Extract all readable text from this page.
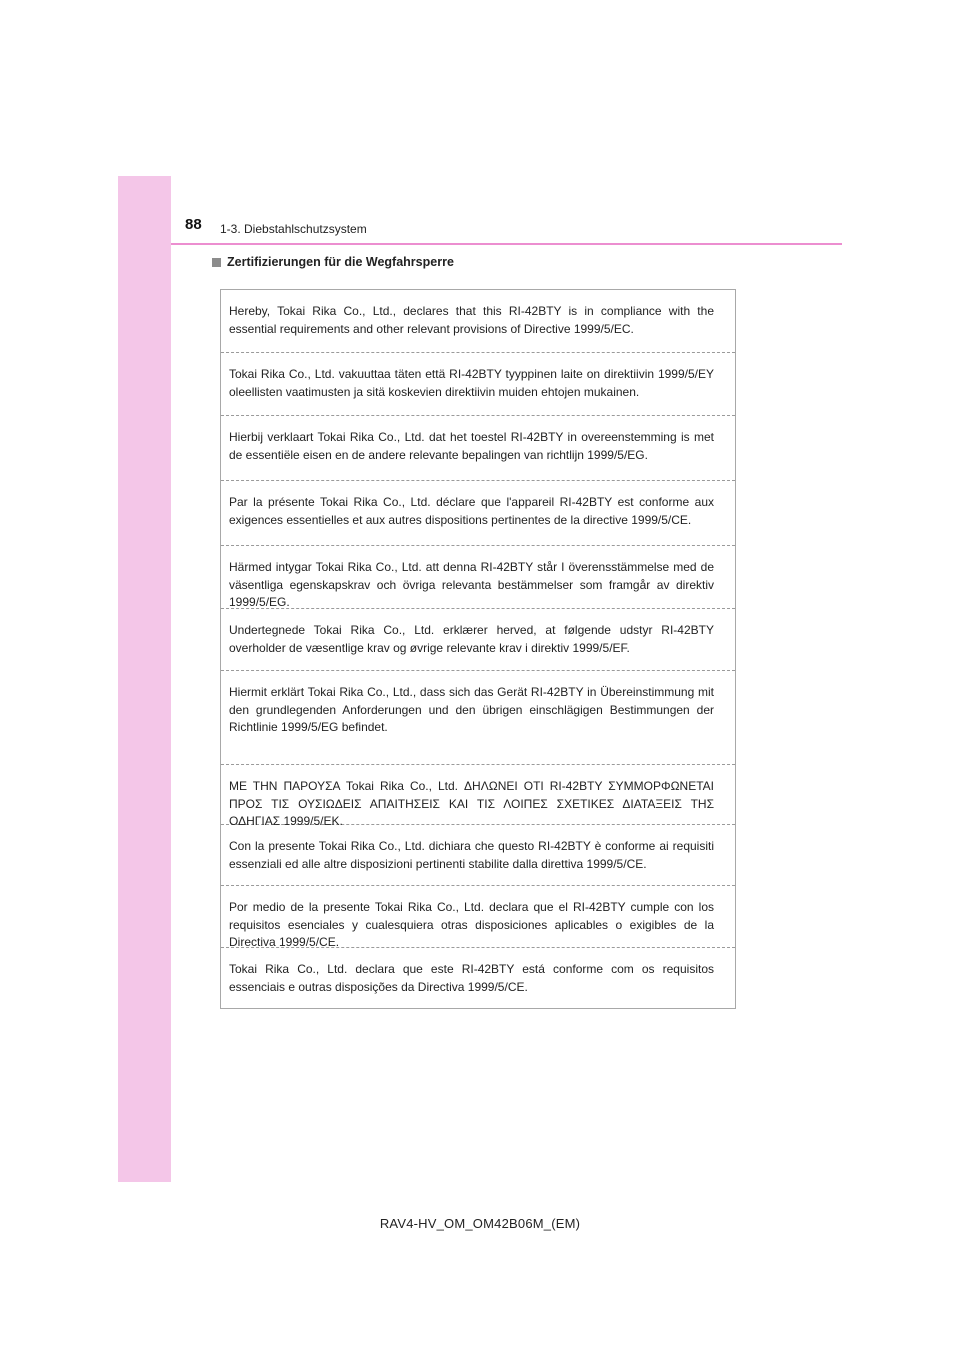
88 1-3. Diebstahlschutzsystem
Zertifizierungen für die Wegfahrsperre

Hereby, Tokai Rika Co., Ltd., declares that this RI-42BTY is in compliance with the essential requirements and other relevant provisions of Directive 1999/5/EC.

Tokai Rika Co., Ltd. vakuuttaa täten että RI-42BTY tyyppinen laite on direktiivin 1999/5/EY oleellisten vaatimusten ja sitä koskevien direktiivin muiden ehtojen mukainen.

Hierbij verklaart Tokai Rika Co., Ltd. dat het toestel RI-42BTY in overeenstemming is met de essentiële eisen en de andere relevante bepalingen van richtlijn 1999/5/EG.

Par la présente Tokai Rika Co., Ltd. déclare que l'appareil RI-42BTY est conforme aux exigences essentielles et aux autres dispositions pertinentes de la directive 1999/5/CE.

Härmed intygar Tokai Rika Co., Ltd. att denna RI-42BTY står I överensstämmelse med de väsentliga egenskapskrav och övriga relevanta bestämmelser som framgår av direktiv 1999/5/EG.

Undertegnede Tokai Rika Co., Ltd. erklærer herved, at følgende udstyr RI-42BTY overholder de væsentlige krav og øvrige relevante krav i direktiv 1999/5/EF.

Hiermit erklärt Tokai Rika Co., Ltd., dass sich das Gerät RI-42BTY in Übereinstimmung mit den grundlegenden Anforderungen und den übrigen einschlägigen Bestimmungen der Richtlinie 1999/5/EG befindet.

ΜΕ ΤΗΝ ΠΑΡΟΥΣΑ Tokai Rika Co., Ltd. ΔΗΛΩΝΕΙ ΟΤΙ RI-42BTY ΣΥΜΜΟΡΦΩΝΕΤΑΙ ΠΡΟΣ ΤΙΣ ΟΥΣΙΩΔΕΙΣ ΑΠΑΙΤΗΣΕΙΣ ΚΑΙ ΤΙΣ ΛΟΙΠΕΣ ΣΧΕΤΙΚΕΣ ΔΙΑΤΑΞΕΙΣ ΤΗΣ ΟΔΗΓΙΑΣ 1999/5/ΕΚ.

Con la presente Tokai Rika Co., Ltd. dichiara che questo RI-42BTY è conforme ai requisiti essenziali ed alle altre disposizioni pertinenti stabilite dalla direttiva 1999/5/CE.

Por medio de la presente Tokai Rika Co., Ltd. declara que el RI-42BTY cumple con los requisitos esenciales y cualesquiera otras disposiciones aplicables o exigibles de la Directiva 1999/5/CE.

Tokai Rika Co., Ltd. declara que este RI-42BTY está conforme com os requisitos essenciais e outras disposições da Directiva 1999/5/CE.

RAV4-HV_OM_OM42B06M_(EM)
